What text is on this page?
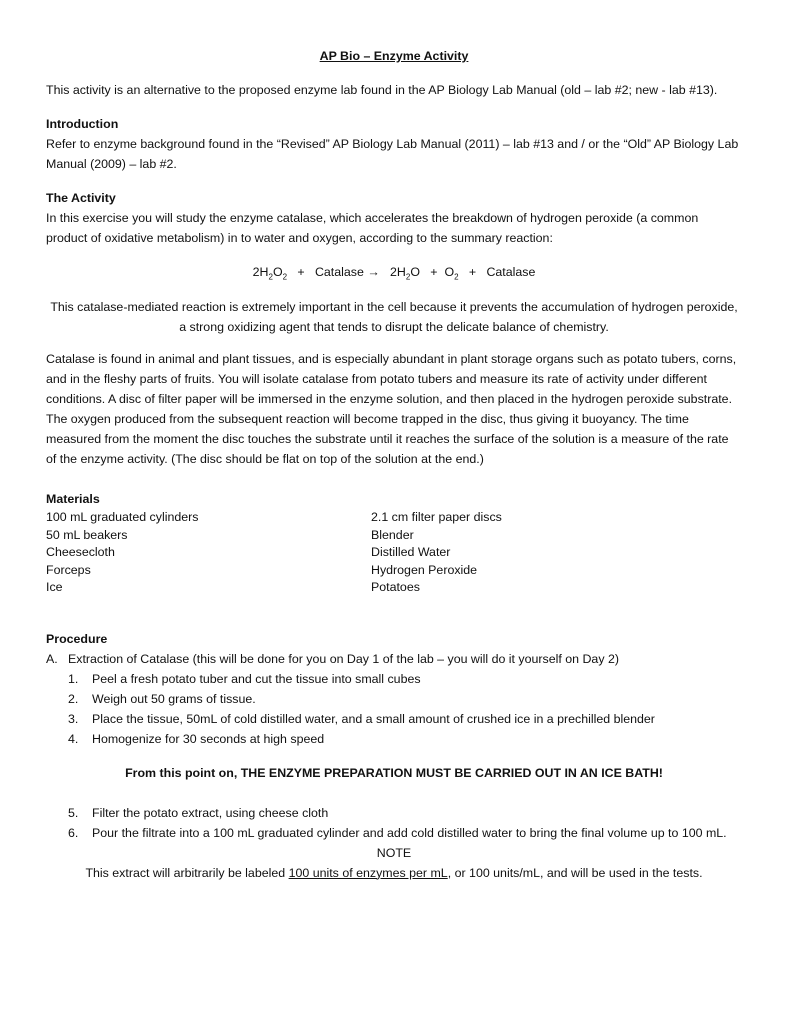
AP Bio – Enzyme Activity

This activity is an alternative to the proposed enzyme lab found in the AP Biology Lab Manual (old – lab #2; new - lab #13).

Introduction

Refer to enzyme background found in the “Revised” AP Biology Lab Manual (2011) – lab #13 and / or the “Old” AP Biology Lab Manual (2009) – lab #2.

The Activity

In this exercise you will study the enzyme catalase, which accelerates the breakdown of hydrogen peroxide (a common product of oxidative metabolism) in to water and oxygen, according to the summary reaction:

$2H_2O_2$ + Catalase → $2H_2O + O_2$ + Catalase

This catalase-mediated reaction is extremely important in the cell because it prevents the accumulation of hydrogen peroxide, a strong oxidizing agent that tends to disrupt the delicate balance of chemistry.

Catalase is found in animal and plant tissues, and is especially abundant in plant storage organs such as potato tubers, corns, and in the fleshy parts of fruits. You will isolate catalase from potato tubers and measure its rate of activity under different conditions. A disc of filter paper will be immersed in the enzyme solution, and then placed in the hydrogen peroxide substrate. The oxygen produced from the subsequent reaction will become trapped in the disc, thus giving it buoyancy. The time measured from the moment the disc touches the substrate until it reaches the surface of the solution is a measure of the rate of the enzyme activity. (The disc should be flat on top of the solution at the end.)

Materials

100 mL graduated cylinders	2.1 cm filter paper discs
50 mL beakers	Blender
Cheesecloth	Distilled Water
Forceps	Hydrogen Peroxide
Ice	Potatoes

Procedure

A. Extraction of Catalase (this will be done for you on Day 1 of the lab – you will do it yourself on Day 2)
1.	Peel a fresh potato tuber and cut the tissue into small cubes
2.	Weigh out 50 grams of tissue.
3.	Place the tissue, 50mL of cold distilled water, and a small amount of crushed ice in a prechilled blender
4.	Homogenize for 30 seconds at high speed

From this point on, THE ENZYME PREPARATION MUST BE CARRIED OUT IN AN ICE BATH!

5.	Filter the potato extract, using cheese cloth
6.	Pour the filtrate into a 100 mL graduated cylinder and add cold distilled water to bring the final volume up to 100 mL.

NOTE

This extract will arbitrarily be labeled 100 units of enzymes per mL, or 100 units/mL, and will be used in the tests.
